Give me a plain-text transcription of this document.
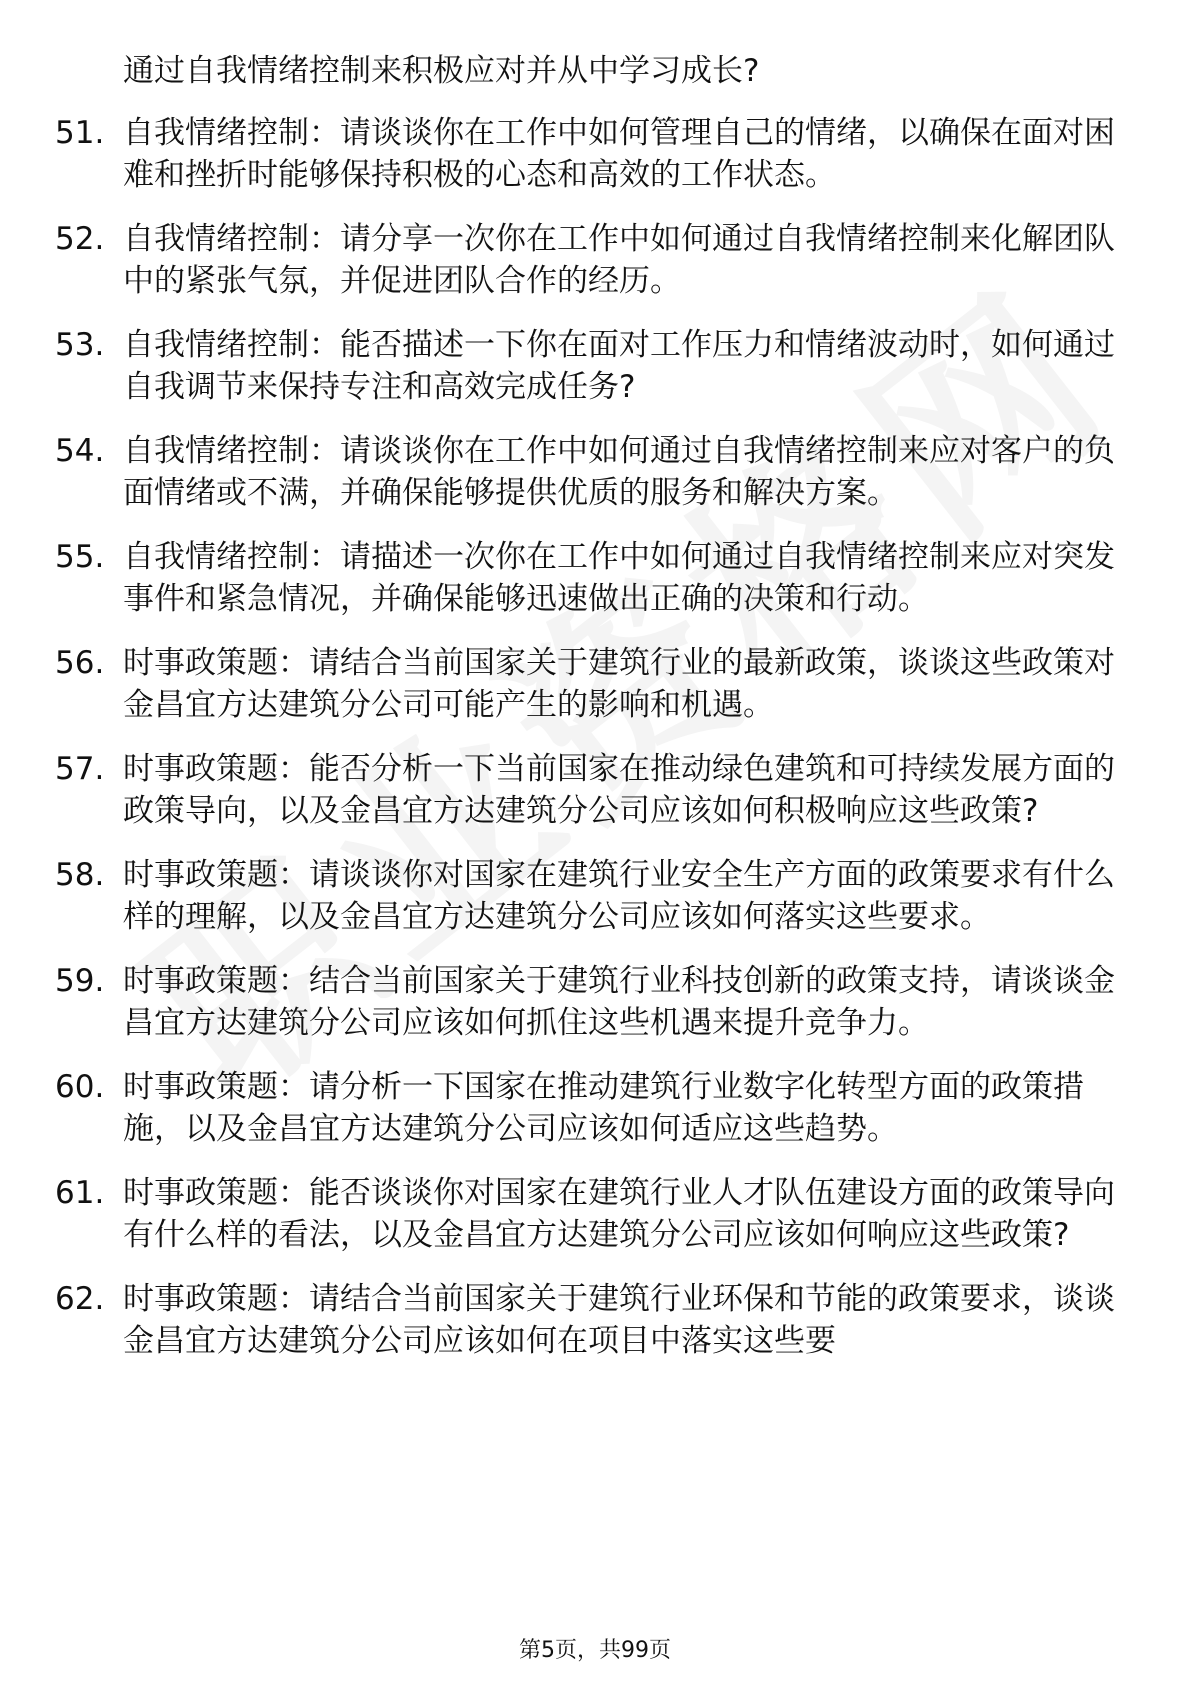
通过自我情绪控制来积极应对并从中学习成长?
51. 自我情绪控制：请谈谈你在工作中如何管理自己的情绪，以确保在面对困难和挫折时能够保持积极的心态和高效的工作状态。
52. 自我情绪控制：请分享一次你在工作中如何通过自我情绪控制来化解团队中的紧张气氛，并促进团队合作的经历。
53. 自我情绪控制：能否描述一下你在面对工作压力和情绪波动时，如何通过自我调节来保持专注和高效完成任务?
54. 自我情绪控制：请谈谈你在工作中如何通过自我情绪控制来应对客户的负面情绪或不满，并确保能够提供优质的服务和解决方案。
55. 自我情绪控制：请描述一次你在工作中如何通过自我情绪控制来应对突发事件和紧急情况，并确保能够迅速做出正确的决策和行动。
56. 时事政策题：请结合当前国家关于建筑行业的最新政策，谈谈这些政策对金昌宜方达建筑分公司可能产生的影响和机遇。
57. 时事政策题：能否分析一下当前国家在推动绿色建筑和可持续发展方面的政策导向，以及金昌宜方达建筑分公司应该如何积极响应这些政策?
58. 时事政策题：请谈谈你对国家在建筑行业安全生产方面的政策要求有什么样的理解，以及金昌宜方达建筑分公司应该如何落实这些要求。
59. 时事政策题：结合当前国家关于建筑行业科技创新的政策支持，请谈谈金昌宜方达建筑分公司应该如何抓住这些机遇来提升竞争力。
60. 时事政策题：请分析一下国家在推动建筑行业数字化转型方面的政策措施，以及金昌宜方达建筑分公司应该如何适应这些趋势。
61. 时事政策题：能否谈谈你对国家在建筑行业人才队伍建设方面的政策导向有什么样的看法，以及金昌宜方达建筑分公司应该如何响应这些政策?
62. 时事政策题：请结合当前国家关于建筑行业环保和节能的政策要求，谈谈金昌宜方达建筑分公司应该如何在项目中落实这些要
第5页，共99页
